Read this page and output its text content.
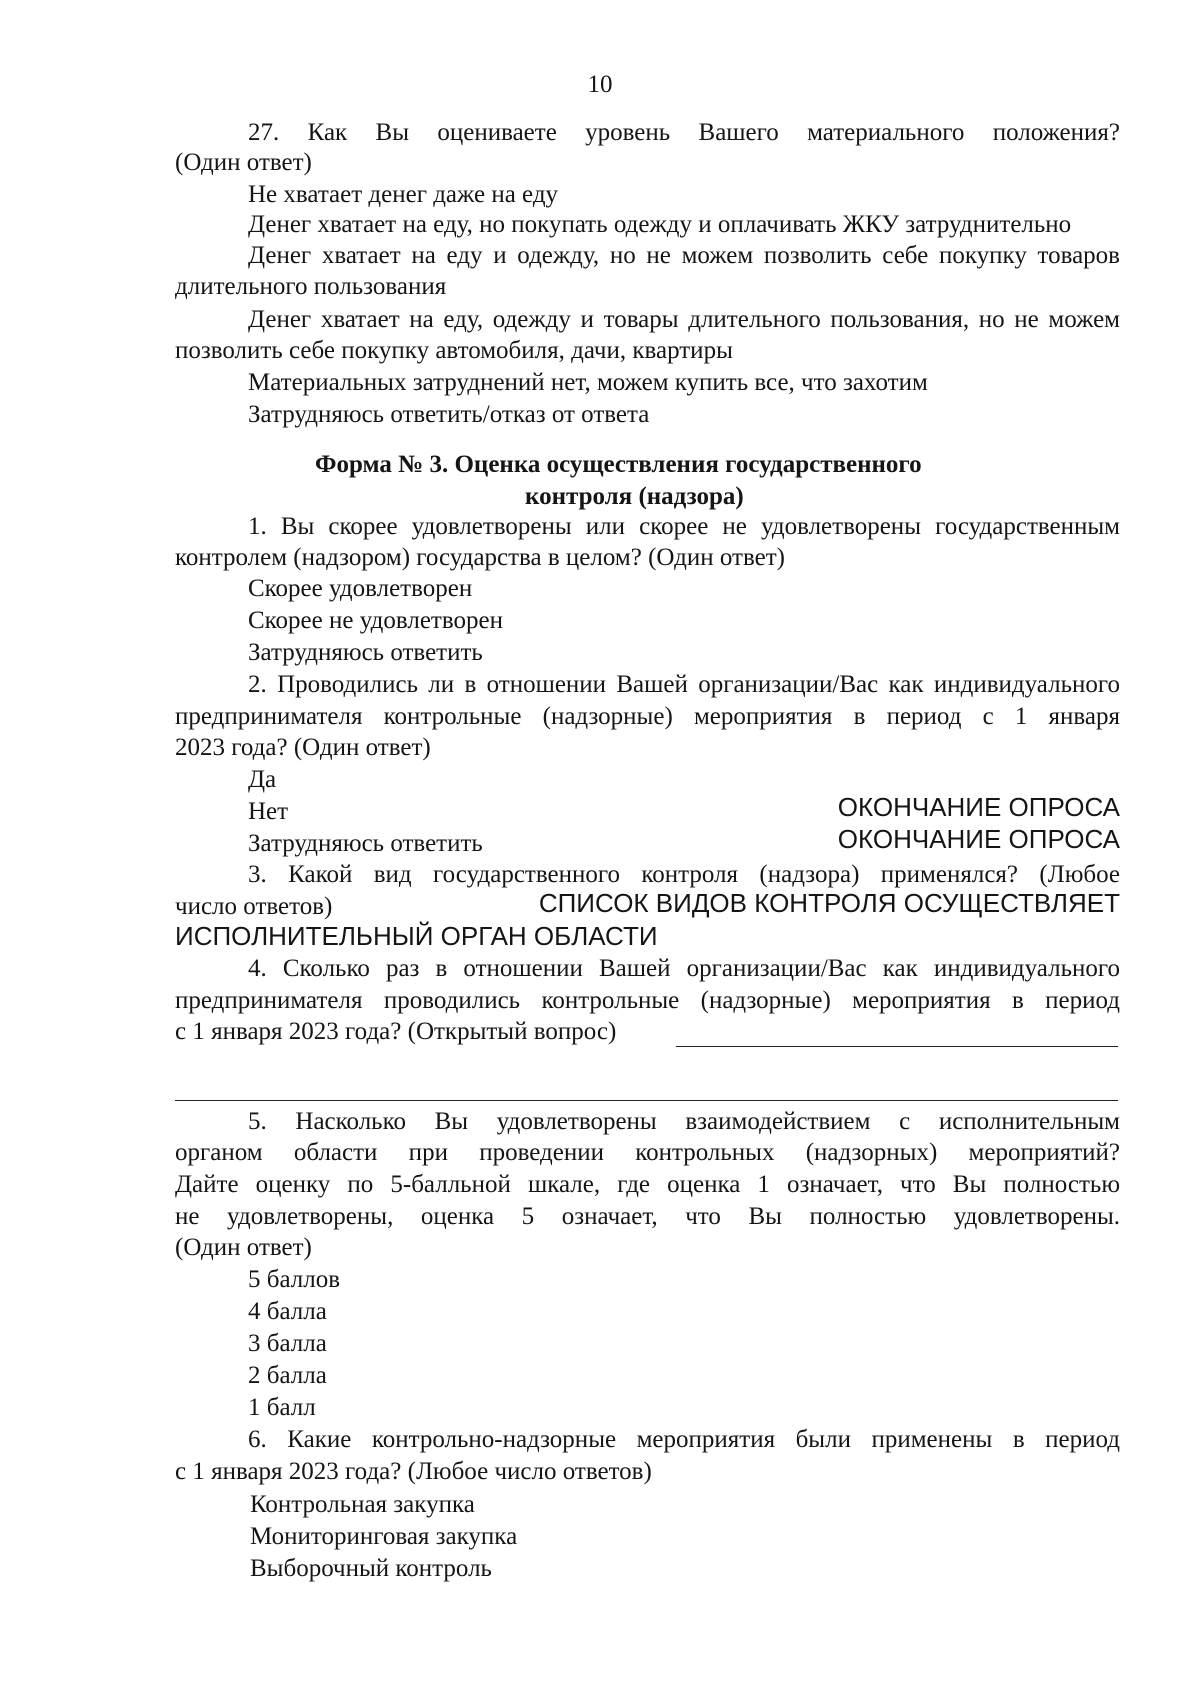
10
27. Как Вы оцениваете уровень Вашего материального положения?
(Один ответ)
Не хватает денег даже на еду
Денег хватает на еду, но покупать одежду и оплачивать ЖКУ затруднительно
Денег хватает на еду и одежду, но не можем позволить себе покупку товаров
длительного пользования
Денег хватает на еду, одежду и товары длительного пользования, но не можем
позволить себе покупку автомобиля, дачи, квартиры
Материальных затруднений нет, можем купить все, что захотим
Затрудняюсь ответить/отказ от ответа
Форма № 3. Оценка осуществления государственного
контроля (надзора)
1. Вы скорее удовлетворены или скорее не удовлетворены государственным
контролем (надзором) государства в целом? (Один ответ)
Скорее удовлетворен
Скорее не удовлетворен
Затрудняюсь ответить
2. Проводились ли в отношении Вашей организации/Вас как индивидуального
предпринимателя контрольные (надзорные) мероприятия в период с 1 января
2023 года? (Один ответ)
Да
Нет	ОКОНЧАНИЕ ОПРОСА
Затрудняюсь ответить	ОКОНЧАНИЕ ОПРОСА
3. Какой вид государственного контроля (надзора) применялся? (Любое
число ответов)	СПИСОК ВИДОВ КОНТРОЛЯ ОСУЩЕСТВЛЯЕТ
ИСПОЛНИТЕЛЬНЫЙ ОРГАН ОБЛАСТИ
4. Сколько раз в отношении Вашей организации/Вас как индивидуального
предпринимателя проводились контрольные (надзорные) мероприятия в период
с 1 января 2023 года? (Открытый вопрос)
5. Насколько Вы удовлетворены взаимодействием с исполнительным
органом области при проведении контрольных (надзорных) мероприятий?
Дайте оценку по 5-балльной шкале, где оценка 1 означает, что Вы полностью
не удовлетворены, оценка 5 означает, что Вы полностью удовлетворены.
(Один ответ)
5 баллов
4 балла
3 балла
2 балла
1 балл
6. Какие контрольно-надзорные мероприятия были применены в период
с 1 января 2023 года? (Любое число ответов)
Контрольная закупка
Мониторинговая закупка
Выборочный контроль
